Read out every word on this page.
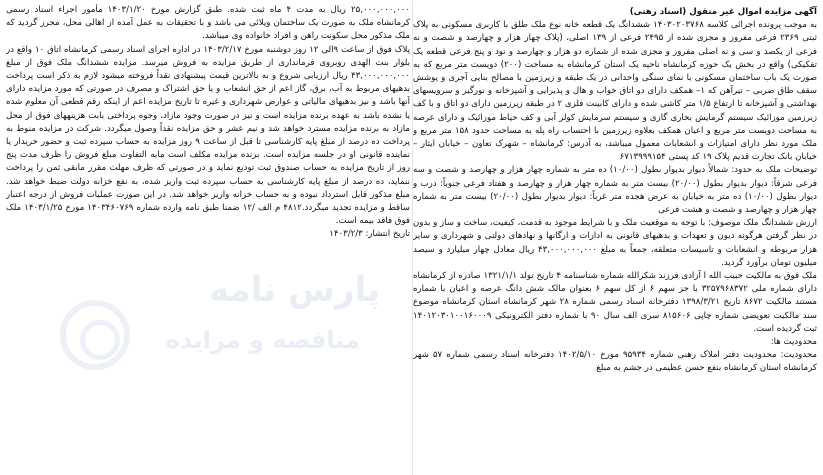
آگهی مزایده اموال غیر منقول (اسناد رهنی)

به موجب پرونده اجرائی کلاسه ۱۴۰۳۰۲۰۳۷۶۸ ششدانگ یک قطعه خانه نوع ملک طلق با کاربری مسکونی به پلاک ثبتی ۲۳۶۹ فرعی مفروز و مجزی شده از ۲۴۹۵ فرعی از ۱۳۹ اصلی، (پلاک چهار هزار و چهارصد و شصت و نه فرعی از یکصد و سی و نه اصلی مفروز و مجزی شده از شماره دو هزار و چهارصد و نود و پنج فرعی قطعه یک تفکیکی) واقع در بخش یک حوزه کرمانشاه ناحیه یک استان کرمانشاه به مساحت (۲۰۰) دویست متر مربع که به صورت یک باب ساختمان مسکونی با نمای سنگی واحدانی در یک طبقه و زیرزمین با مصالح بنایی آجری و پوشش سقف طاق ضربی – تیرآهن که ۱– همکف دارای دو اتاق خواب و هال و پذیرایی و آشپزخانه و نورگیر و سرویسهای بهداشتی و آشپزخانه تا ارتفاع ۱/۵ متر کاشی شده و دارای کابینت فلزی ۲ در طبقه زیرزمین دارای دو اتاق و با کف زیرزمین موزائیک سیستم گرمایش بخاری گازی و سیستم سرمایش کولر آبی و کف حیاط موزائیک و دارای عرصه به مساحت دویست متر مربع و اعیان همکف بعلاوه زیرزمین با احتساب راه پله به مساحت حدود ۱۵۸ متر مربع و ملک مورد نظر دارای امتیازات و انشعابات معمول میباشد، به آدرس: کرمانشاه – شهرک تعاون – خیابان ایثار – خیابان بانک تجارت قدیم پلاک ۱۹ کد پستی ۶۷۱۳۹۹۹۱۵۴

توضیحات ملک به حدود: شمالاً دیوار بدیوار بطول (۱۰/۰۰) ده متر به شماره چهار هزار و چهارصد و شصت و سه فرعی شرقاً: دیوار بدیوار بطول (۲۰/۰۰) بیست متر به شماره چهار هزار و چهارصد و هفتاد فرعی جنوباً: درب و دیوار بطول (۱۰/۰۰) ده متر به خیابان به عرض هجده متر غرباً: دیوار بدیوار بطول (۲۰/۰۰) بیست متر به شماره چهار هزار و چهارصد و شصت و هشت فرعی

ارزش ششدانگ ملک موصوف: با توجه به موقعیت ملک و با شرایط موجود به قدمت، کیفیت، ساخت و ساز و بدون در نظر گرفتن هرگونه دیون و تعهدات و بدهیهای قانونی به ادارات و ارگانها و نهادهای دولتی و شهرداری و سایر هزار مربوطه و انشعابات و تاسیسات متعلقه، جمعاً به مبلغ ۴۳,۰۰۰,۰۰۰,۰۰۰ ریال معادل چهار میلیارد و سیصد میلیون تومان برآورد گردید.

ملک فوق به مالکیت حبیب الله ا آزادی فرزند شکرالله شماره شناسنامه ۴ تاریخ تولد ۱۳۲۱/۱/۱ صادره از کرمانشاه دارای شماره ملی ۳۲۵۷۹۶۸۳۷۲ با جز سهم ۶ از کل سهم ۶ بعنوان مالک شش دانگ عرصه و اعیان با شماره مستند مالکیت ۸۶۷۲ تاریخ ۱۳۹۸/۳/۲۱ دفترخانه اسناد رسمی شماره ۲۸ شهر کرمانشاه استان کرمانشاه موضوع سند مالکیت تعویضی شماره چاپی ۸۱۵۶۰۶ سری الف سال ۹۰ با شماره دفتر الکترونیکی ۱۴۰۱۲۰۳۰۱۰۰۱۶۰۰۰۹ ثبت گردیده است.

محدودیت ها:

محدودیت: محدودیت دفتر املاک رهنی شماره ۹۵۹۳۴ مورخ ۱۴۰۲/۵/۱۰ دفترخانه اسناد رسمی شماره ۵۷ شهر کرمانشاه استان کرمانشاه بنفع حسن عظیمی در جشم به مبلغ

۲۵,۰۰۰,۰۰۰,۰۰۰ ریال به مدت ۴ ماه ثبت شده. طبق گزارش مورخ ۱۴۰۳/۱/۲۰ مأمور اجراء اسناد رسمی کرمانشاه ملک به صورت یک ساختمان ویلائی می باشد و با تحقیقات به عمل آمده از اهالی محل، محرز گردید که ملک مذکور محل سکونت راهن و افراد خانواده وی میباشد.

پلاک فوق از ساعت ۹الی ۱۲ روز دوشنبه مورخ ۱۴۰۳/۲/۱۷ در اداره اجرای اسناد رسمی کرمانشاه اتاق ۱۰ واقع در بلوار بنت الهدی روبروی فرمانداری از طریق مزایده به فروش میرسد. مزایده ششدانگ ملک فوق از مبلغ ۴۳,۰۰۰,۰۰۰,۰۰۰ ریال ارزیابی شروع و به بالاترین قیمت پیشنهادی نقداً فروخته میشود لازم به ذکر است پرداخت بدهیهای مربوط به آب، برق، گاز اعم از حق انشعاب و یا حق اشتراک و مصرف در صورتی که مورد مزایده دارای آنها باشد و نیز بدهیهای مالیاتی و عوارض شهرداری و غیره تا تاریخ مزایده اعم از اینکه رقم قطعی آن معلوم شده یا نشده باشد به عهده برنده مزایده است و نیز در صورت وجود مازاد، وجوه پرداختی بابت هزینههای فوق از محل مازاد به برنده مزایده مسترد خواهد شد و نیم عشر و حق مزایده نقداً وصول میگردد. شرکت در مزایده منوط به پرداخت ده درصد از مبلغ پایه کارشناسی تا قبل از ساعت ۹ روز مزایده به حساب سپرده ثبت و حضور خریدار یا نماینده قانونی او در جلسه مزایده است. برنده مزایده مکلف است مابه التفاوت مبلغ فروش را ظرف مدت پنج روز از تاریخ مزایده به حساب صندوق ثبت تودیع نماید و در صورتی که ظرف مهلت مقرر مابقی ثمن را پرداخت ننماید، ده درصد از مبلغ پایه کارشناسی به حساب سپرده ثبت واریز شده، به نفع خزانه دولت ضبط خواهد شد. مبلغ مذکور قابل استرداد نبوده و به حساب خزانه واریز خواهد شد. در این صورت عملیات فروش از درجه اعتبار ساقط و مزایده تجدید میگردد.۴۸۱۲ م الف /۱۲ ضمنا طبق نامه وارده شماره ۱۴۰۳۴۶۰۷۶۹ مورخ ۱۴۰۳/۱/۲۵ ملک فوق فاقد بیمه است.

تاریخ انتشار: ۱۴۰۳/۲/۳

پارس نامه
مناقصه و مزایده
